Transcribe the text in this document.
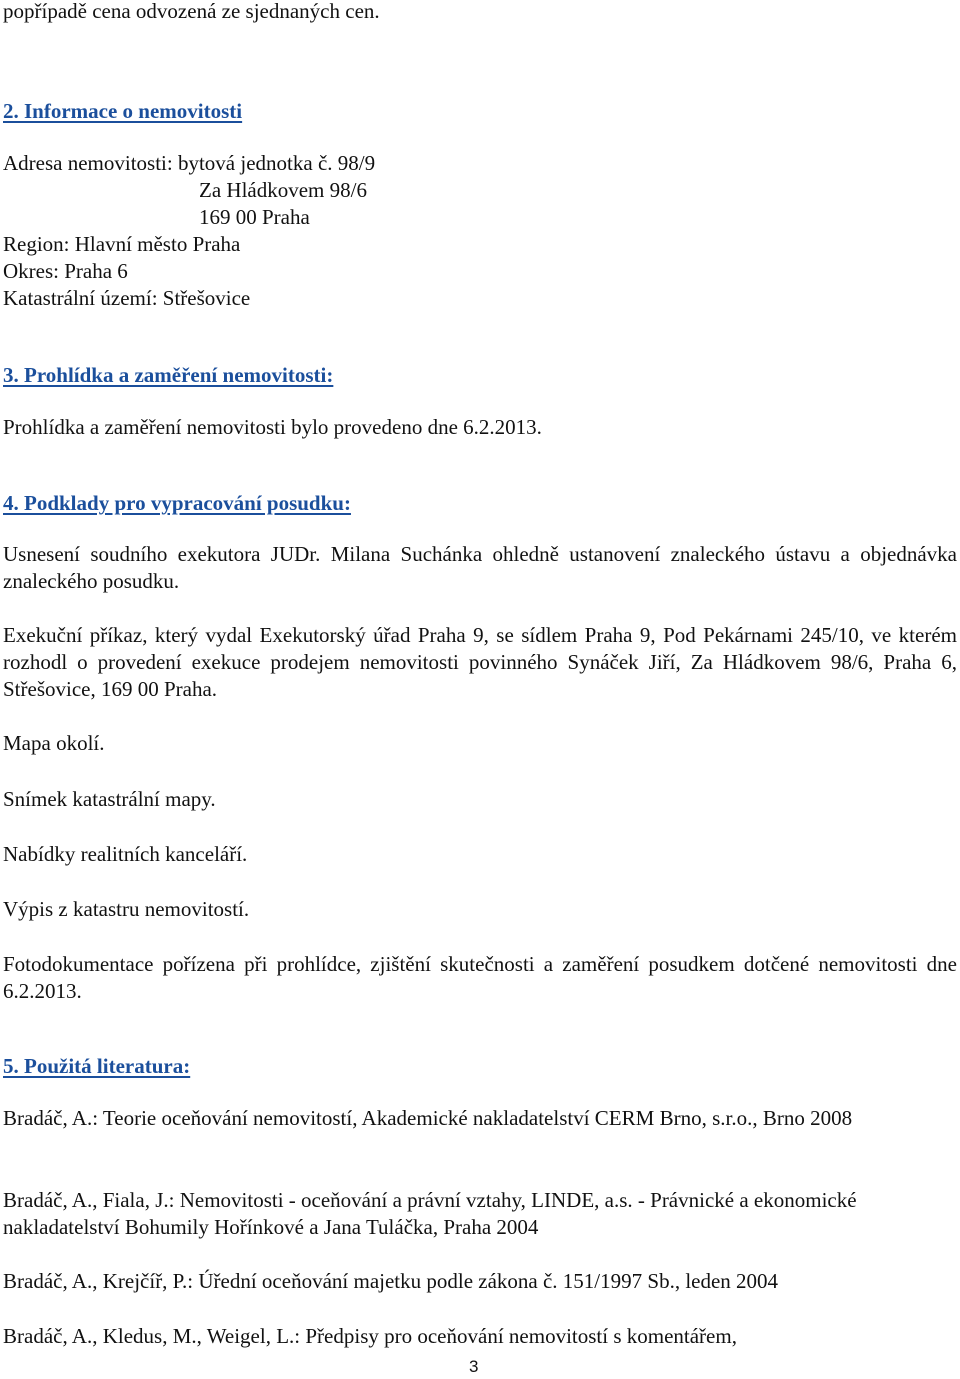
popřípadě cena odvozená ze sjednaných cen.
2. Informace o nemovitosti
Adresa nemovitosti: bytová jednotka č. 98/9
Za Hládkovem 98/6
169 00 Praha
Region: Hlavní město Praha
Okres: Praha 6
Katastrální území: Střešovice
3. Prohlídka a zaměření nemovitosti:
Prohlídka a zaměření nemovitosti bylo provedeno dne 6.2.2013.
4. Podklady pro vypracování posudku:
Usnesení soudního exekutora JUDr. Milana Suchánka ohledně ustanovení znaleckého ústavu a objednávka znaleckého posudku.
Exekuční příkaz, který vydal Exekutorský úřad Praha 9, se sídlem Praha 9, Pod Pekárnami 245/10, ve kterém rozhodl o provedení exekuce prodejem nemovitosti povinného Synáček Jiří, Za Hládkovem 98/6, Praha 6, Střešovice, 169 00 Praha.
Mapa okolí.
Snímek katastrální mapy.
Nabídky realitních kanceláří.
Výpis z katastru nemovitostí.
Fotodokumentace pořízena při prohlídce, zjištění skutečnosti a zaměření posudkem dotčené nemovitosti dne 6.2.2013.
5. Použitá literatura:
Bradáč, A.: Teorie oceňování nemovitostí, Akademické nakladatelství CERM Brno, s.r.o., Brno 2008
Bradáč, A., Fiala, J.: Nemovitosti - oceňování a právní vztahy, LINDE, a.s. - Právnické a ekonomické nakladatelství Bohumily Hořínkové a Jana Tuláčka, Praha 2004
Bradáč, A., Krejčíř, P.: Úřední oceňování majetku podle zákona č. 151/1997 Sb., leden 2004
Bradáč, A., Kledus, M., Weigel, L.: Předpisy pro oceňování nemovitostí s komentářem,
3
